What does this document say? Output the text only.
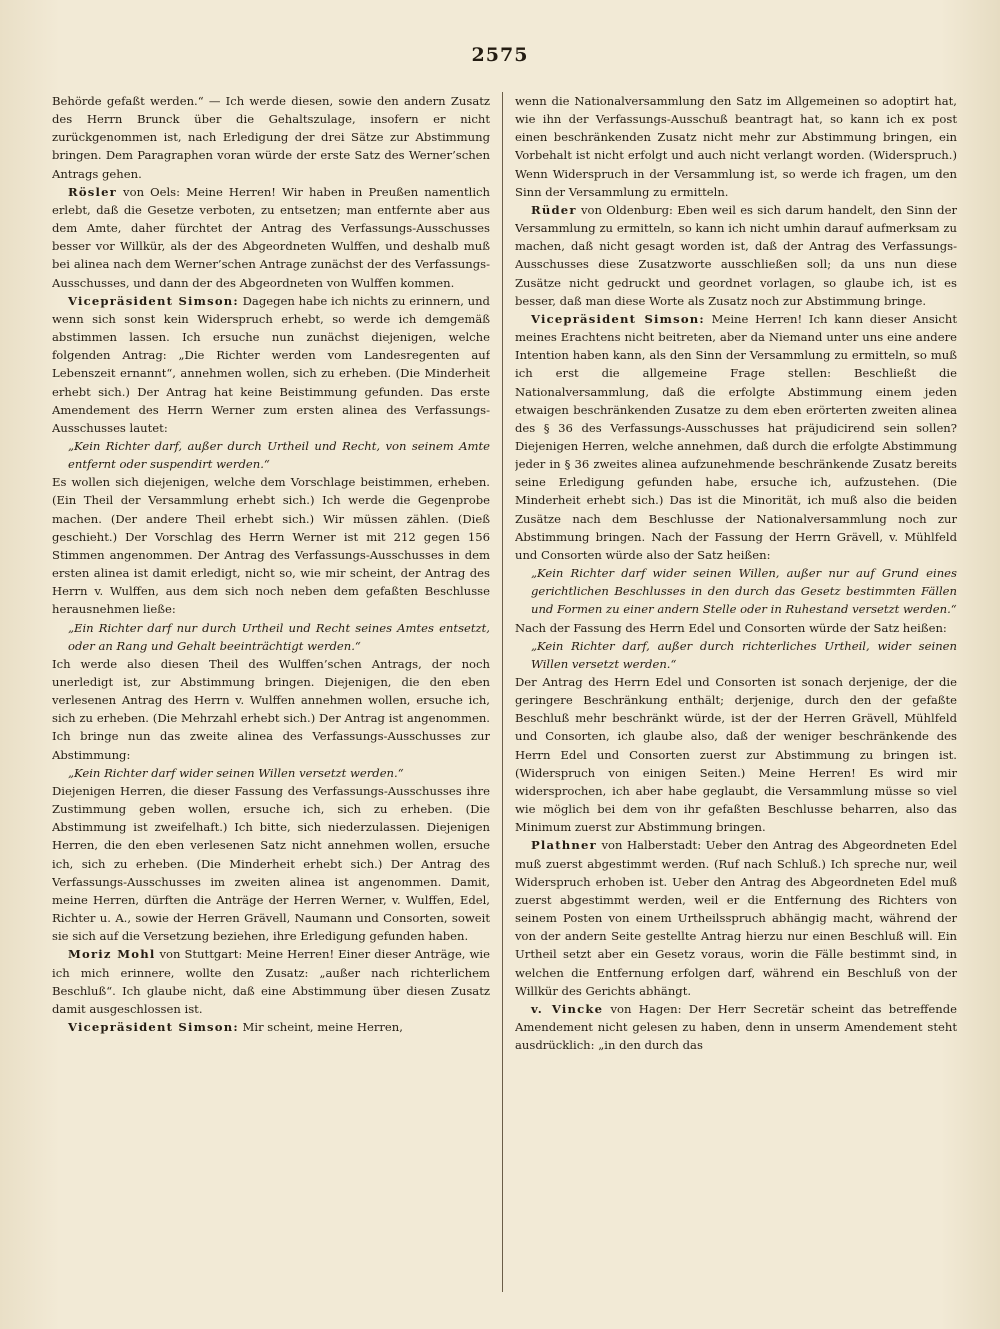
2575

Behörde gefaßt werden.“ — Ich werde diesen, sowie den andern Zusatz des Herrn Brunck über die Gehaltszulage, insofern er nicht zurückgenommen ist, nach Erledigung der drei Sätze zur Abstimmung bringen. Dem Paragraphen voran würde der erste Satz des Werner’schen Antrags gehen.

Rösler von Oels: Meine Herren! Wir haben in Preußen namentlich erlebt, daß die Gesetze verboten, zu entsetzen; man entfernte aber aus dem Amte, daher fürchtet der Antrag des Verfassungs-Ausschusses besser vor Willkür, als der des Abgeordneten Wulffen, und deshalb muß bei alinea nach dem Werner’schen Antrage zunächst der des Verfassungs-Ausschusses, und dann der des Abgeordneten von Wulffen kommen.

Vicepräsident Simson: Dagegen habe ich nichts zu erinnern, und wenn sich sonst kein Widerspruch erhebt, so werde ich demgemäß abstimmen lassen. Ich ersuche nun zunächst diejenigen, welche folgenden Antrag: „Die Richter werden vom Landesregenten auf Lebenszeit ernannt“, annehmen wollen, sich zu erheben. (Die Minderheit erhebt sich.) Der Antrag hat keine Beistimmung gefunden. Das erste Amendement des Herrn Werner zum ersten alinea des Verfassungs-Ausschusses lautet:

„Kein Richter darf, außer durch Urtheil und Recht, von seinem Amte entfernt oder suspendirt werden.“

Es wollen sich diejenigen, welche dem Vorschlage beistimmen, erheben. (Ein Theil der Versammlung erhebt sich.) Ich werde die Gegenprobe machen. (Der andere Theil erhebt sich.) Wir müssen zählen. (Dieß geschieht.) Der Vorschlag des Herrn Werner ist mit 212 gegen 156 Stimmen angenommen. Der Antrag des Verfassungs-Ausschusses in dem ersten alinea ist damit erledigt, nicht so, wie mir scheint, der Antrag des Herrn v. Wulffen, aus dem sich noch neben dem gefaßten Beschlusse herausnehmen ließe:

„Ein Richter darf nur durch Urtheil und Recht seines Amtes entsetzt, oder an Rang und Gehalt beeinträchtigt werden.“

Ich werde also diesen Theil des Wulffen’schen Antrags, der noch unerledigt ist, zur Abstimmung bringen. Diejenigen, die den eben verlesenen Antrag des Herrn v. Wulffen annehmen wollen, ersuche ich, sich zu erheben. (Die Mehrzahl erhebt sich.) Der Antrag ist angenommen. Ich bringe nun das zweite alinea des Verfassungs-Ausschusses zur Abstimmung:

„Kein Richter darf wider seinen Willen versetzt werden.“

Diejenigen Herren, die dieser Fassung des Verfassungs-Ausschusses ihre Zustimmung geben wollen, ersuche ich, sich zu erheben. (Die Abstimmung ist zweifelhaft.) Ich bitte, sich niederzulassen. Diejenigen Herren, die den eben verlesenen Satz nicht annehmen wollen, ersuche ich, sich zu erheben. (Die Minderheit erhebt sich.) Der Antrag des Verfassungs-Ausschusses im zweiten alinea ist angenommen. Damit, meine Herren, dürften die Anträge der Herren Werner, v. Wulffen, Edel, Richter u. A., sowie der Herren Grävell, Naumann und Consorten, soweit sie sich auf die Versetzung beziehen, ihre Erledigung gefunden haben.

Moriz Mohl von Stuttgart: Meine Herren! Einer dieser Anträge, wie ich mich erinnere, wollte den Zusatz: „außer nach richterlichem Beschluß“. Ich glaube nicht, daß eine Abstimmung über diesen Zusatz damit ausgeschlossen ist.

Vicepräsident Simson: Mir scheint, meine Herren,

wenn die Nationalversammlung den Satz im Allgemeinen so adoptirt hat, wie ihn der Verfassungs-Ausschuß beantragt hat, so kann ich ex post einen beschränkenden Zusatz nicht mehr zur Abstimmung bringen, ein Vorbehalt ist nicht erfolgt und auch nicht verlangt worden. (Widerspruch.) Wenn Widerspruch in der Versammlung ist, so werde ich fragen, um den Sinn der Versammlung zu ermitteln.

Rüder von Oldenburg: Eben weil es sich darum handelt, den Sinn der Versammlung zu ermitteln, so kann ich nicht umhin darauf aufmerksam zu machen, daß nicht gesagt worden ist, daß der Antrag des Verfassungs-Ausschusses diese Zusatzworte ausschließen soll; da uns nun diese Zusätze nicht gedruckt und geordnet vorlagen, so glaube ich, ist es besser, daß man diese Worte als Zusatz noch zur Abstimmung bringe.

Vicepräsident Simson: Meine Herren! Ich kann dieser Ansicht meines Erachtens nicht beitreten, aber da Niemand unter uns eine andere Intention haben kann, als den Sinn der Versammlung zu ermitteln, so muß ich erst die allgemeine Frage stellen: Beschließt die Nationalversammlung, daß die erfolgte Abstimmung einem jeden etwaigen beschränkenden Zusatze zu dem eben erörterten zweiten alinea des § 36 des Verfassungs-Ausschusses hat präjudicirend sein sollen? Diejenigen Herren, welche annehmen, daß durch die erfolgte Abstimmung jeder in § 36 zweites alinea aufzunehmende beschränkende Zusatz bereits seine Erledigung gefunden habe, ersuche ich, aufzustehen. (Die Minderheit erhebt sich.) Das ist die Minorität, ich muß also die beiden Zusätze nach dem Beschlusse der Nationalversammlung noch zur Abstimmung bringen. Nach der Fassung der Herrn Grävell, v. Mühlfeld und Consorten würde also der Satz heißen:

„Kein Richter darf wider seinen Willen, außer nur auf Grund eines gerichtlichen Beschlusses in den durch das Gesetz bestimmten Fällen und Formen zu einer andern Stelle oder in Ruhestand versetzt werden.“

Nach der Fassung des Herrn Edel und Consorten würde der Satz heißen:

„Kein Richter darf, außer durch richterliches Urtheil, wider seinen Willen versetzt werden.“

Der Antrag des Herrn Edel und Consorten ist sonach derjenige, der die geringere Beschränkung enthält; derjenige, durch den der gefaßte Beschluß mehr beschränkt würde, ist der der Herren Grävell, Mühlfeld und Consorten, ich glaube also, daß der weniger beschränkende des Herrn Edel und Consorten zuerst zur Abstimmung zu bringen ist. (Widerspruch von einigen Seiten.) Meine Herren! Es wird mir widersprochen, ich aber habe geglaubt, die Versammlung müsse so viel wie möglich bei dem von ihr gefaßten Beschlusse beharren, also das Minimum zuerst zur Abstimmung bringen.

Plathner von Halberstadt: Ueber den Antrag des Abgeordneten Edel muß zuerst abgestimmt werden. (Ruf nach Schluß.) Ich spreche nur, weil Widerspruch erhoben ist. Ueber den Antrag des Abgeordneten Edel muß zuerst abgestimmt werden, weil er die Entfernung des Richters von seinem Posten von einem Urtheilsspruch abhängig macht, während der von der andern Seite gestellte Antrag hierzu nur einen Beschluß will. Ein Urtheil setzt aber ein Gesetz voraus, worin die Fälle bestimmt sind, in welchen die Entfernung erfolgen darf, während ein Beschluß von der Willkür des Gerichts abhängt.

v. Vincke von Hagen: Der Herr Secretär scheint das betreffende Amendement nicht gelesen zu haben, denn in unserm Amendement steht ausdrücklich: „in den durch das
